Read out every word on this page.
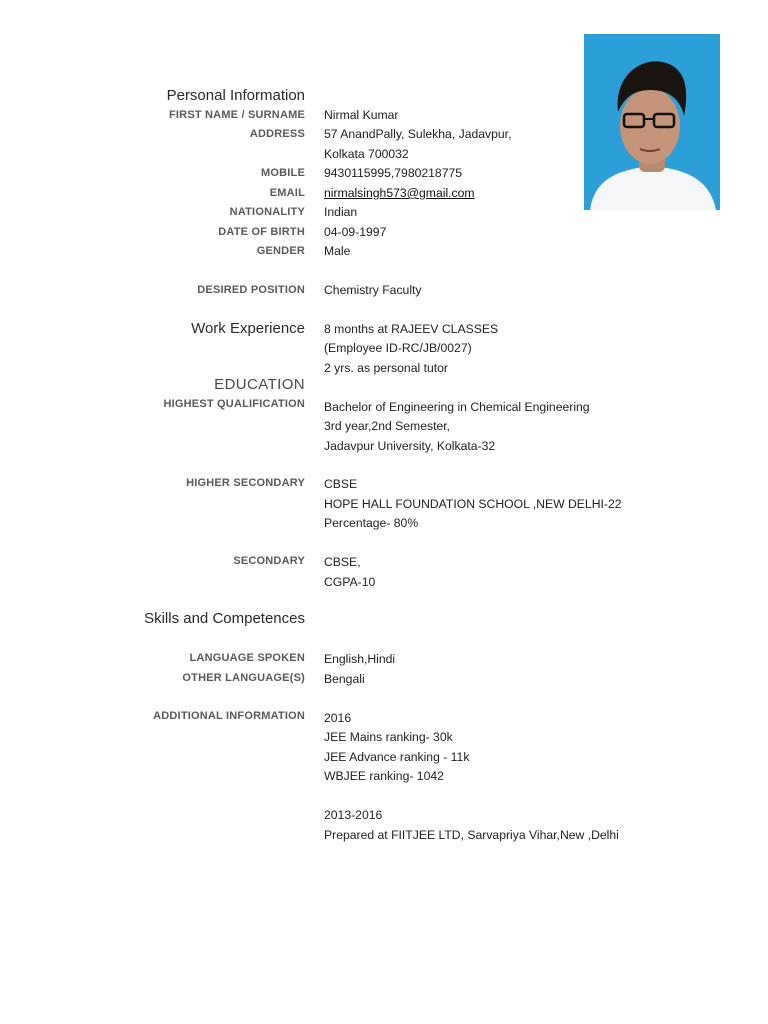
Personal Information
FIRST NAME / SURNAME Nirmal Kumar
ADDRESS 57 AnandPally, Sulekha, Jadavpur,
Kolkata 700032
MOBILE 9430115995,7980218775
EMAIL nirmalsingh573@gmail.com
NATIONALITY Indian
DATE OF BIRTH 04-09-1997
GENDER Male
DESIRED POSITION Chemistry Faculty
Work Experience 8 months at RAJEEV CLASSES
(Employee ID-RC/JB/0027)
2 yrs. as personal tutor
EDUCATION
HIGHEST QUALIFICATION Bachelor of Engineering in Chemical Engineering
3rd year,2nd Semester,
Jadavpur University, Kolkata-32
HIGHER SECONDARY CBSE
HOPE HALL FOUNDATION SCHOOL ,NEW DELHI-22
Percentage- 80%
SECONDARY CBSE,
CGPA-10
Skills and Competences
LANGUAGE SPOKEN English,Hindi
OTHER LANGUAGE(S) Bengali
ADDITIONAL INFORMATION 2016
JEE Mains ranking- 30k
JEE Advance ranking - 11k
WBJEE ranking- 1042
2013-2016
Prepared at FIITJEE LTD, Sarvapriya Vihar,New ,Delhi
